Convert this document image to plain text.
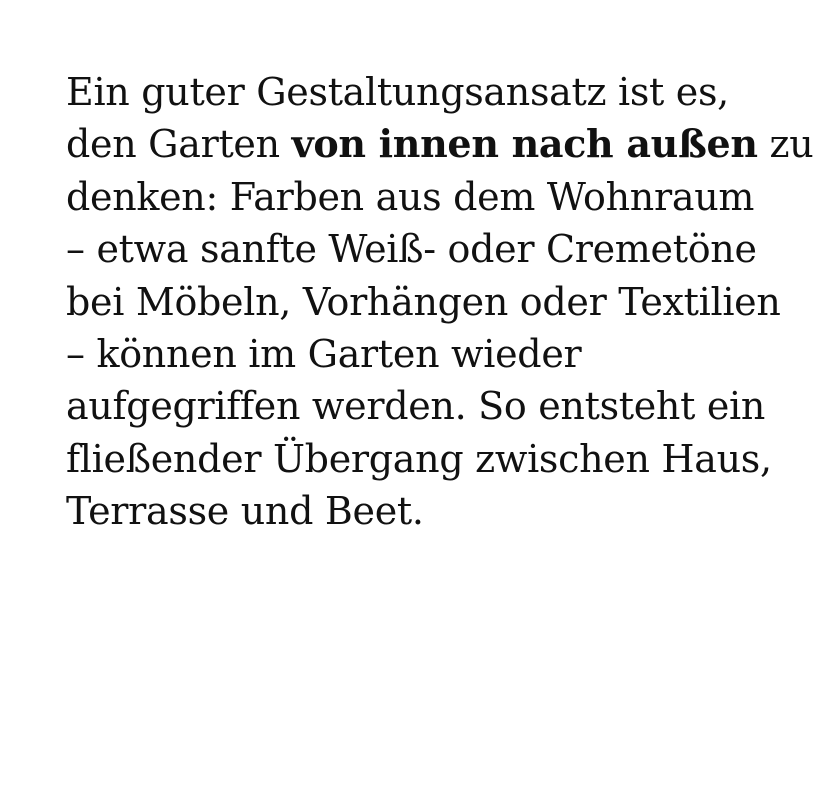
Ein guter Gestaltungsansatz ist es,
den Garten von innen nach außen zu
denken: Farben aus dem Wohnraum
– etwa sanfte Weiß- oder Cremetöne
bei Möbeln, Vorhängen oder Textilien
– können im Garten wieder
aufgegriffen werden. So entsteht ein
fließender Übergang zwischen Haus,
Terrasse und Beet.
